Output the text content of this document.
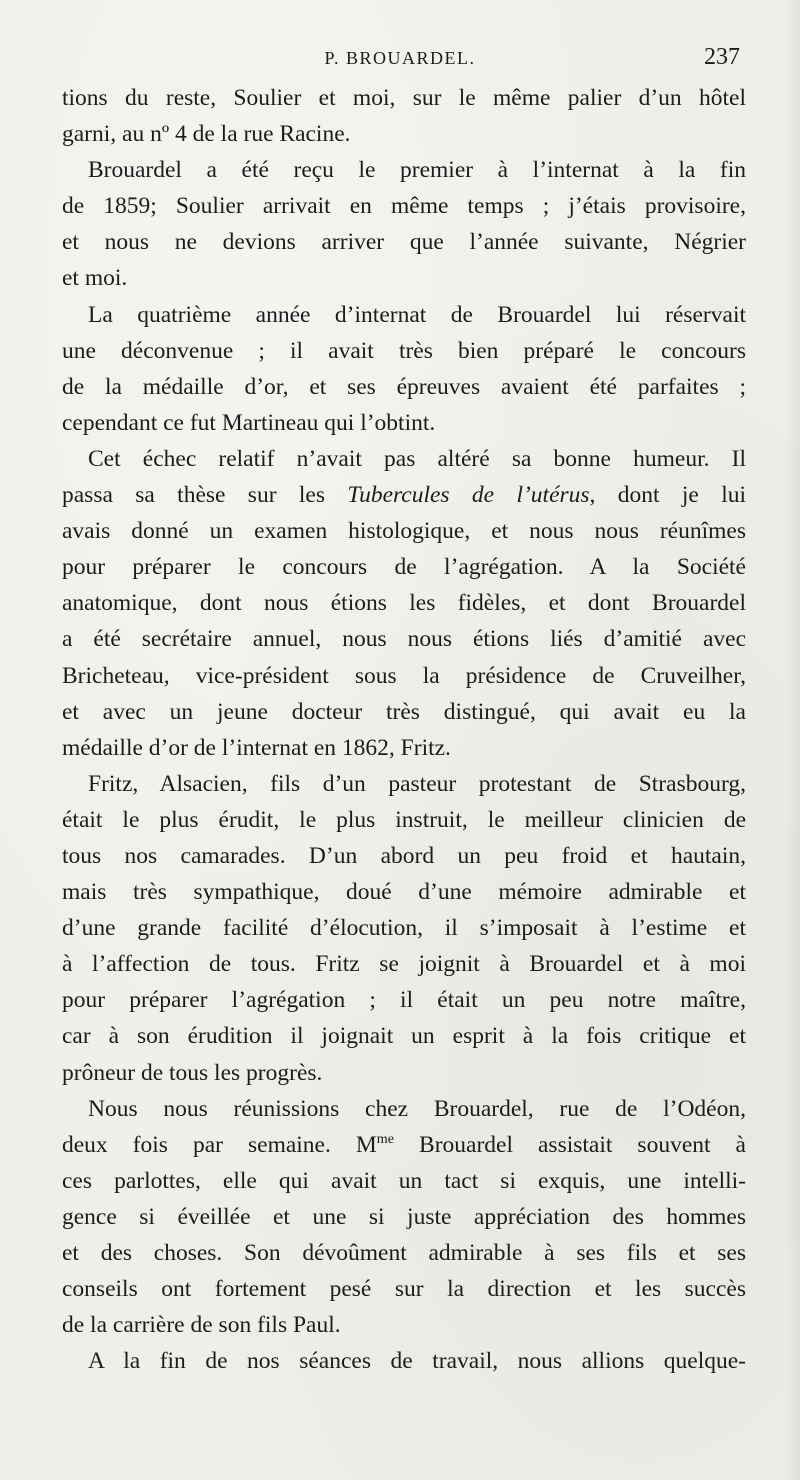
P. BROUARDEL.	237
tions du reste, Soulier et moi, sur le même palier d’un hôtel
garni, au nº 4 de la rue Racine.
Brouardel a été reçu le premier à l’internat à la fin
de 1859; Soulier arrivait en même temps ; j’étais provisoire,
et nous ne devions arriver que l’année suivante, Négrier
et moi.
La quatrième année d’internat de Brouardel lui réservait
une déconvenue ; il avait très bien préparé le concours
de la médaille d’or, et ses épreuves avaient été parfaites ;
cependant ce fut Martineau qui l’obtint.
Cet échec relatif n’avait pas altéré sa bonne humeur. Il
passa sa thèse sur les Tubercules de l’utérus, dont je lui
avais donné un examen histologique, et nous nous réunîmes
pour préparer le concours de l’agrégation. A la Société
anatomique, dont nous étions les fidèles, et dont Brouardel
a été secrétaire annuel, nous nous étions liés d’amitié avec
Bricheteau, vice-président sous la présidence de Cruveilher,
et avec un jeune docteur très distingué, qui avait eu la
médaille d’or de l’internat en 1862, Fritz.
Fritz, Alsacien, fils d’un pasteur protestant de Strasbourg,
était le plus érudit, le plus instruit, le meilleur clinicien de
tous nos camarades. D’un abord un peu froid et hautain,
mais très sympathique, doué d’une mémoire admirable et
d’une grande facilité d’élocution, il s’imposait à l’estime et
à l’affection de tous. Fritz se joignit à Brouardel et à moi
pour préparer l’agrégation ; il était un peu notre maître,
car à son érudition il joignait un esprit à la fois critique et
prôneur de tous les progrès.
Nous nous réunissions chez Brouardel, rue de l’Odéon,
deux fois par semaine. $M^{me}$ Brouardel assistait souvent à
ces parlottes, elle qui avait un tact si exquis, une intelli-
gence si éveillée et une si juste appréciation des hommes
et des choses. Son dévoûment admirable à ses fils et ses
conseils ont fortement pesé sur la direction et les succès
de la carrière de son fils Paul.
A la fin de nos séances de travail, nous allions quelque-
